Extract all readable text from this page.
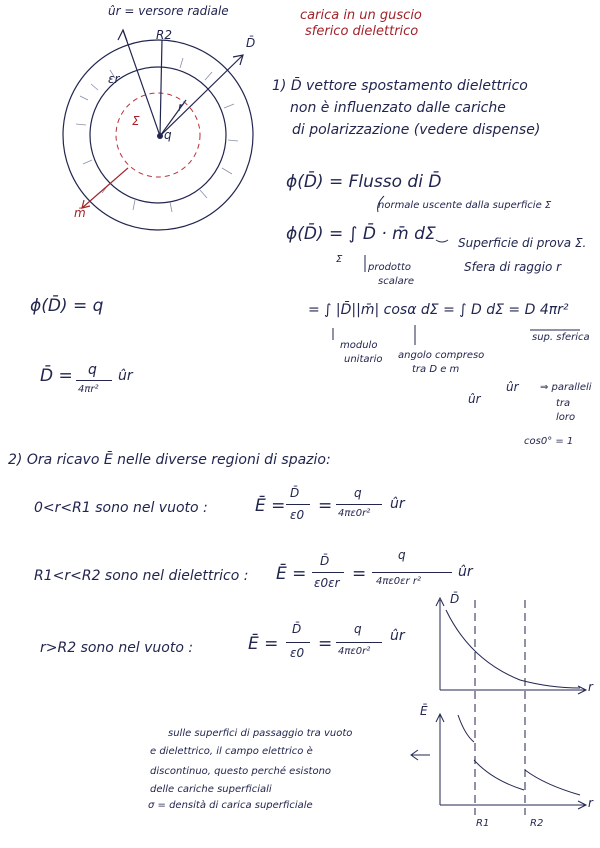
carica in un guscio
sferico dielettrico
ûr = versore radiale
R2
D̄
εr
Σ
r
q
m̄
1) D̄ vettore spostamento dielettrico
non è influenzato dalle cariche
di polarizzazione (vedere dispense)
ϕ(D̄) = Flusso di D̄
normale uscente dalla superficie Σ
ϕ(D̄) = ∫ D̄ · m̄ dΣ
Σ
Superficie di prova Σ.
Sfera di raggio r
prodotto
scalare
= ∫ |D̄||m̄| cosα dΣ = ∫ D dΣ = D 4πr²
sup. sferica
modulo
unitario angolo compreso
tra D e m
ûr
ûr ⇒ paralleli
tra
loro
cos0° = 1
ϕ(D̄) = q
D̄ = q
4πr²
ûr
2) Ora ricavo Ē nelle diverse regioni di spazio:
0<r<R1 sono nel vuoto :	Ē =
D̄
ε0 =
q
4πε0r²
ûr
R1<r<R2 sono nel dielettrico : Ē =
D̄
ε0εr =
q
4πε0εr r²
ûr
r>R2 sono nel vuoto :	Ē =
D̄
ε0 =
q
4πε0r²
ûr
D̄
Ē
r
r
R1	R2
sulle superfici di passaggio tra vuoto
e dielettrico, il campo elettrico è
discontinuo, questo perché esistono
delle cariche superficiali
σ = densità di carica superficiale
